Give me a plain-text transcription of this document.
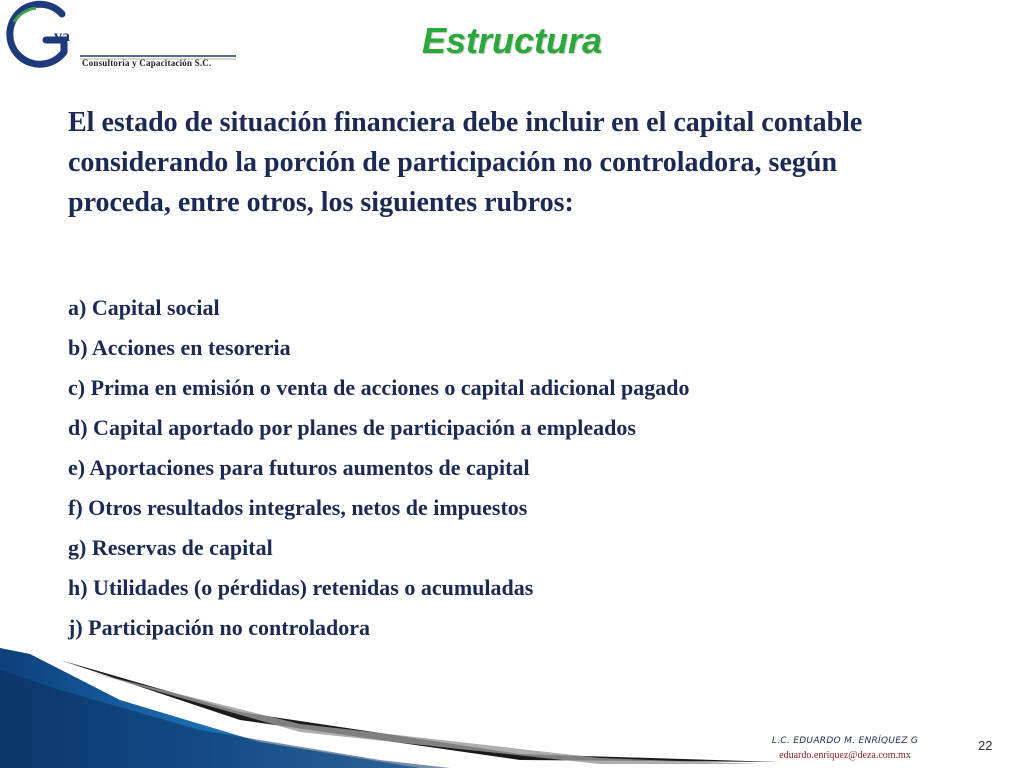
va
Consultoría y Capacitación S.C.
Estructura
El estado de situación financiera debe incluir en el capital contable considerando la porción de participación no controladora, según proceda, entre otros, los siguientes rubros:
a) Capital social
b) Acciones en tesoreria
c) Prima en emisión o venta de acciones o capital adicional pagado
d) Capital aportado por planes de participación a empleados
e) Aportaciones para futuros aumentos de capital
f) Otros resultados integrales, netos de impuestos
g) Reservas de capital
h) Utilidades (o pérdidas) retenidas o acumuladas
j) Participación no controladora
L.C. EDUARDO M. ENRÍQUEZ G
eduardo.enriquez@deza.com.mx
22
